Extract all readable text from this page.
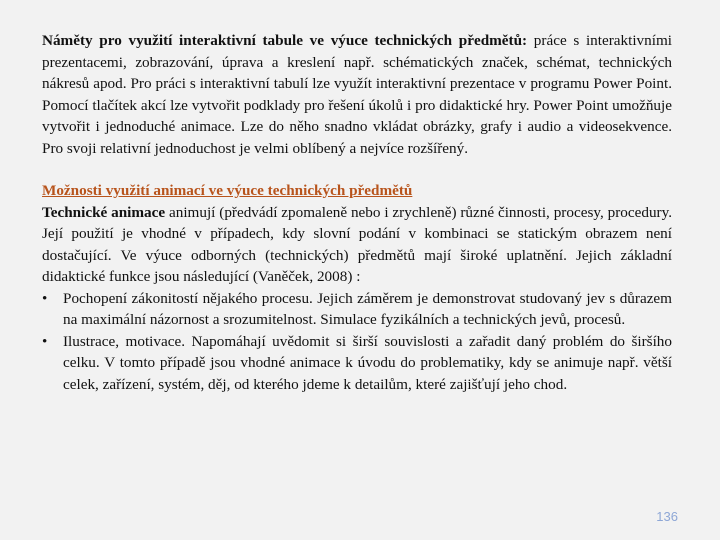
Náměty pro využití interaktivní tabule ve výuce technických předmětů: práce s interaktivními prezentacemi, zobrazování, úprava a kreslení např. schématických značek, schémat, technických nákresů apod. Pro práci s interaktivní tabulí lze využít interaktivní prezentace v programu Power Point. Pomocí tlačítek akcí lze vytvořit podklady pro řešení úkolů i pro didaktické hry. Power Point umožňuje vytvořit i jednoduché animace. Lze do něho snadno vkládat obrázky, grafy i audio a videosekvence. Pro svoji relativní jednoduchost je velmi oblíbený a nejvíce rozšířený.

Možnosti využití animací ve výuce technických předmětů

Technické animace animují (předvádí zpomaleně nebo i zrychleně) různé činnosti, procesy, procedury. Její použití je vhodné v případech, kdy slovní podání v kombinaci se statickým obrazem není dostačující. Ve výuce odborných (technických) předmětů mají široké uplatnění. Jejich základní didaktické funkce jsou následující (Vaněček, 2008) :

•	Pochopení zákonitostí nějakého procesu. Jejich záměrem je demonstrovat studovaný jev s důrazem na maximální názornost a srozumitelnost. Simulace fyzikálních a technických jevů, procesů.
•	Ilustrace, motivace. Napomáhají uvědomit si širší souvislosti a zařadit daný problém do širšího celku. V tomto případě jsou vhodné animace k úvodu do problematiky, kdy se animuje např. větší celek, zařízení, systém, děj, od kterého jdeme k detailům, které zajišťují jeho chod.
136
